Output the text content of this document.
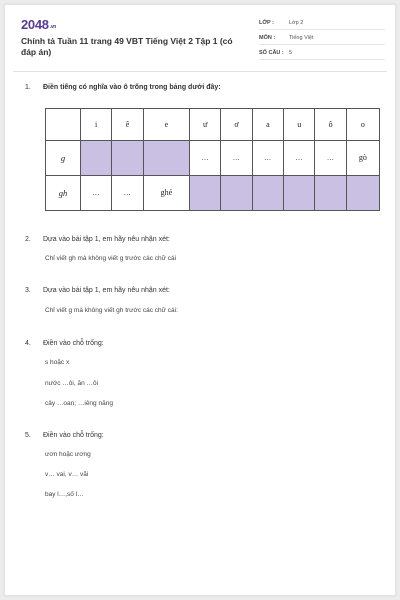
2048.vn
Chính tả Tuần 11 trang 49 VBT Tiếng Việt 2 Tập 1 (có đáp án)
LỚP :	Lớp 2
MÔN :	Tiếng Việt
SỐ CÂU : 5
1.	Điền tiếng có nghĩa vào ô trống trong bảng dưới đây:
	i	ê	e	ư	ơ	a	u	ô	o
g				…	…	…	…	…	gò
gh	…	…	ghé						
2.	Dựa vào bài tập 1, em hãy nêu nhận xét:
Chỉ viết gh mà không viết g trước các chữ cái
3.	Dựa vào bài tập 1, em hãy nêu nhận xét:
Chỉ viết g mà không viết gh trước các chữ cái:
4.	Điền vào chỗ trống:
s hoặc x
nước …ôi, ăn …ôi
cây …oan; …iêng năng
5.	Điền vào chỗ trống:
ươn hoặc ương
v… vai, v… vãi
bay l…,số l…
